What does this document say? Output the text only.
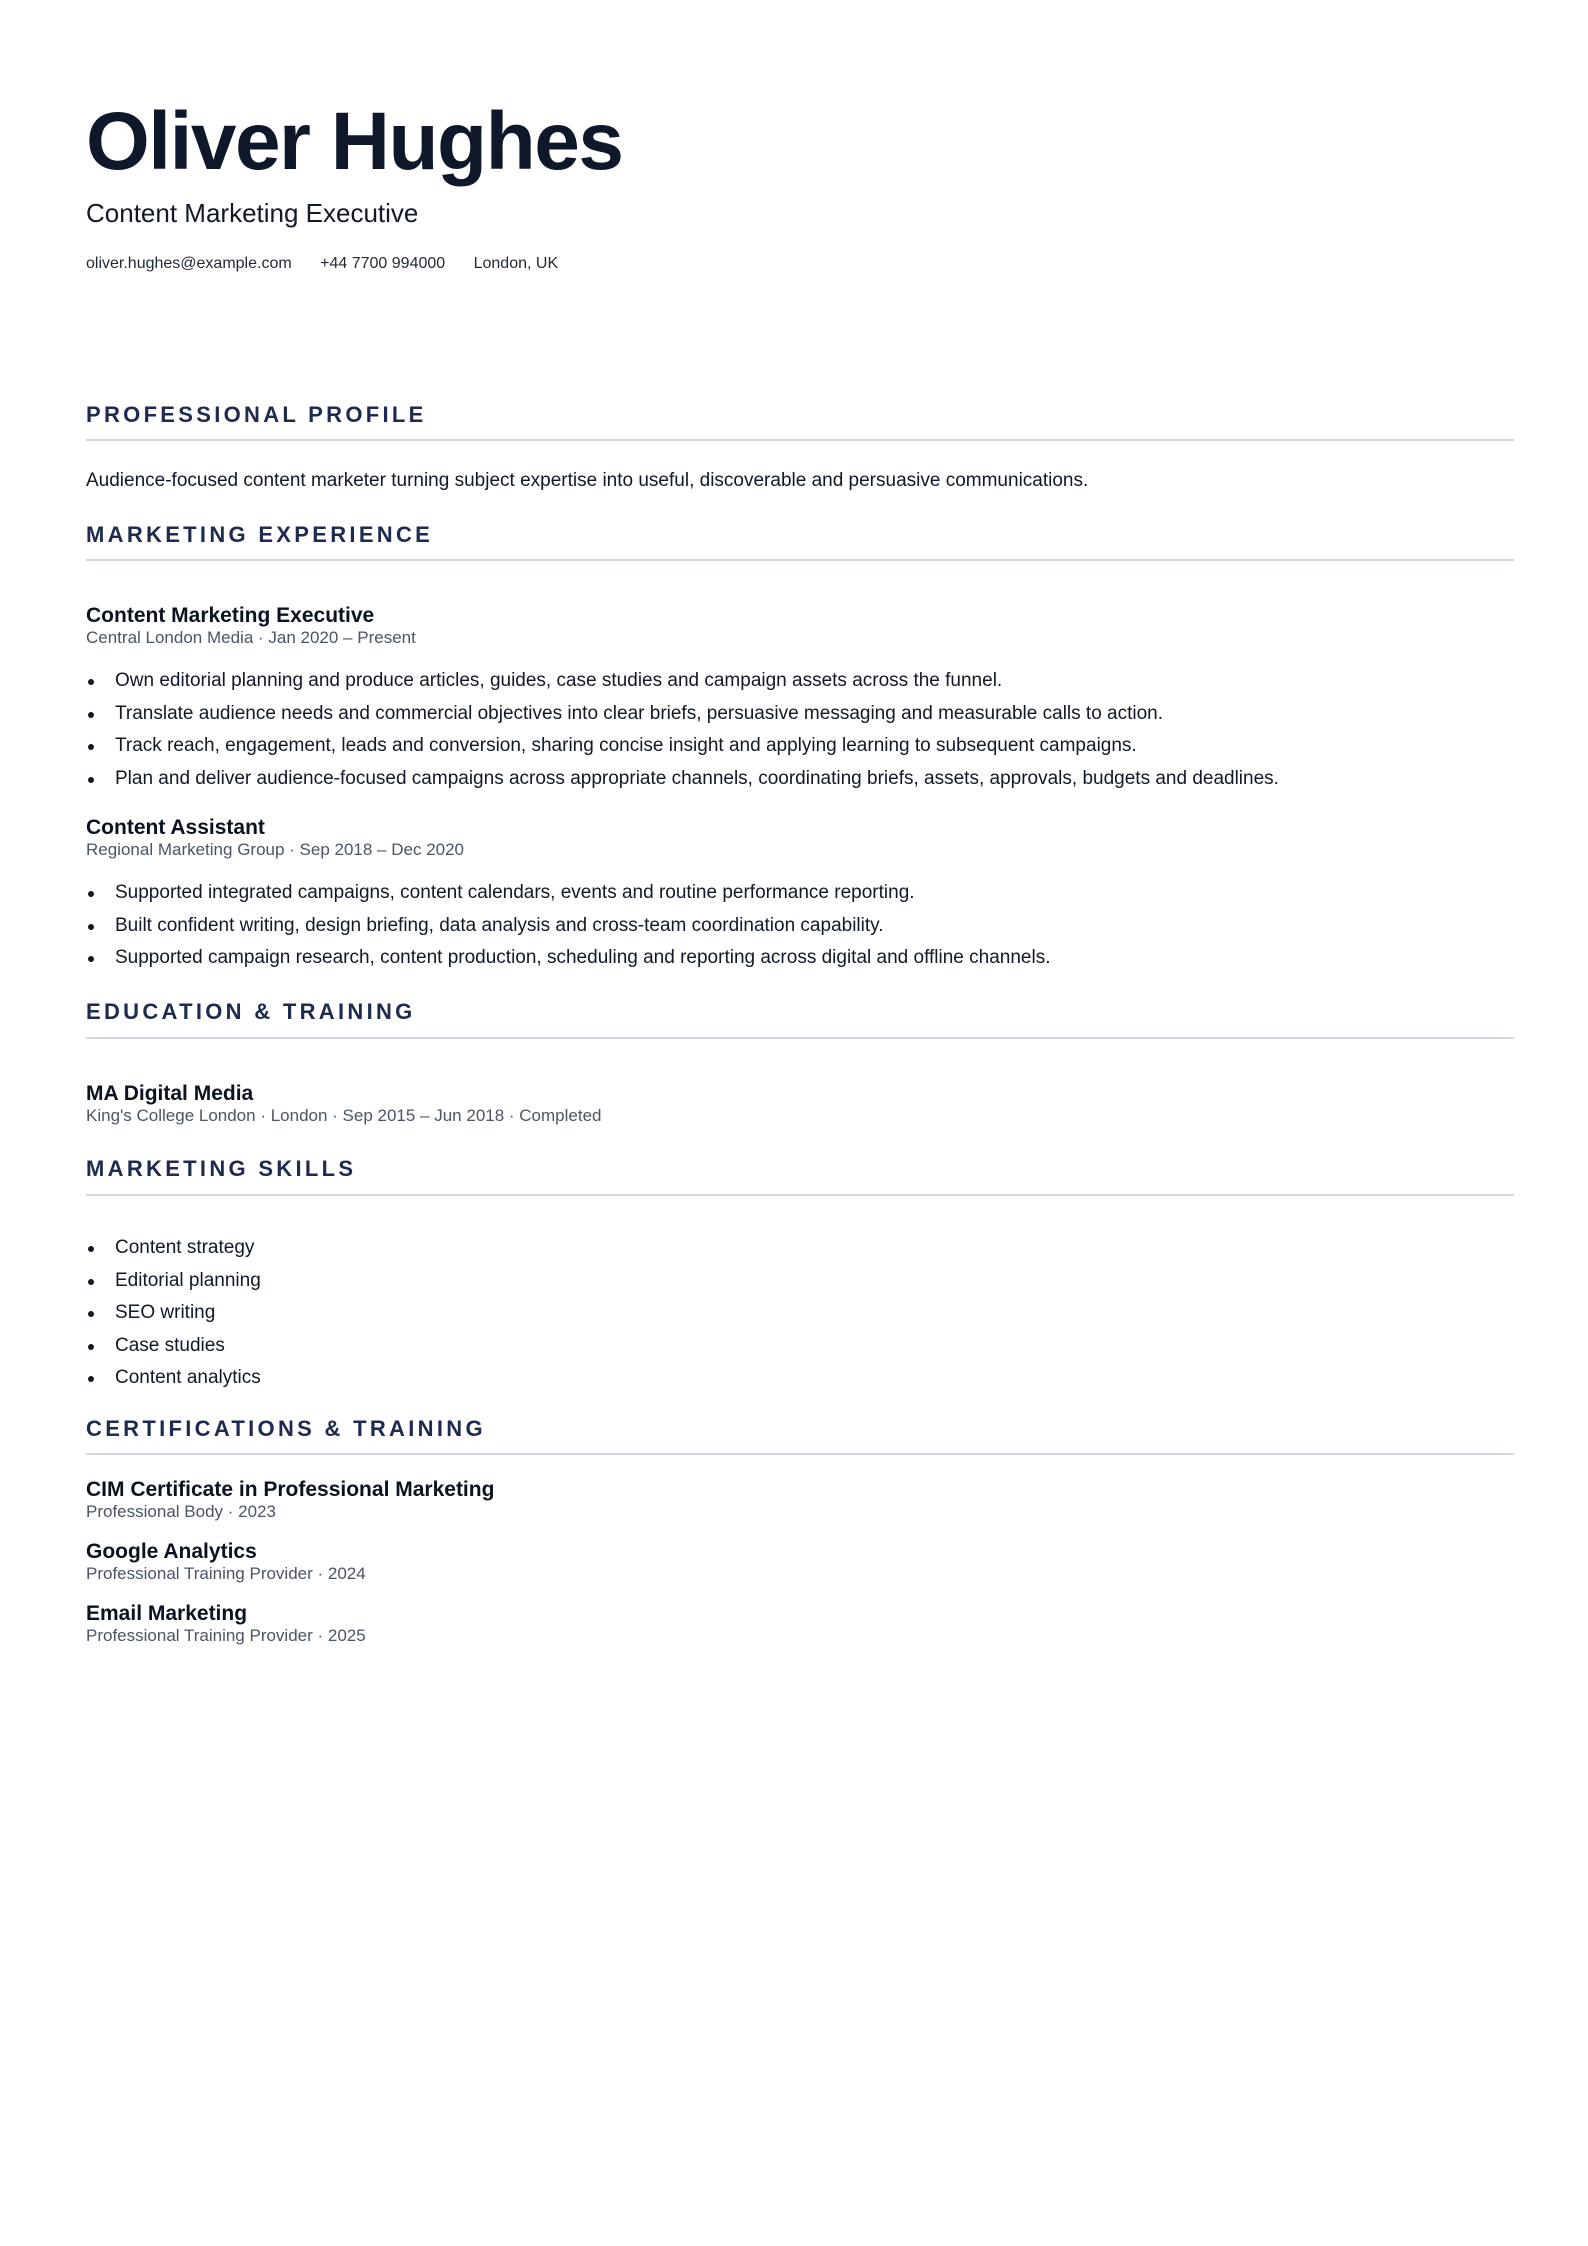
Oliver Hughes
Content Marketing Executive
oliver.hughes@example.com +44 7700 994000 London, UK
PROFESSIONAL PROFILE
Audience-focused content marketer turning subject expertise into useful, discoverable and persuasive communications.
MARKETING EXPERIENCE
Content Marketing Executive
Central London Media · Jan 2020 – Present
Own editorial planning and produce articles, guides, case studies and campaign assets across the funnel.
Translate audience needs and commercial objectives into clear briefs, persuasive messaging and measurable calls to action.
Track reach, engagement, leads and conversion, sharing concise insight and applying learning to subsequent campaigns.
Plan and deliver audience-focused campaigns across appropriate channels, coordinating briefs, assets, approvals, budgets and deadlines.
Content Assistant
Regional Marketing Group · Sep 2018 – Dec 2020
Supported integrated campaigns, content calendars, events and routine performance reporting.
Built confident writing, design briefing, data analysis and cross-team coordination capability.
Supported campaign research, content production, scheduling and reporting across digital and offline channels.
EDUCATION & TRAINING
MA Digital Media
King's College London · London · Sep 2015 – Jun 2018 · Completed
MARKETING SKILLS
Content strategy
Editorial planning
SEO writing
Case studies
Content analytics
CERTIFICATIONS & TRAINING
CIM Certificate in Professional Marketing
Professional Body · 2023
Google Analytics
Professional Training Provider · 2024
Email Marketing
Professional Training Provider · 2025
